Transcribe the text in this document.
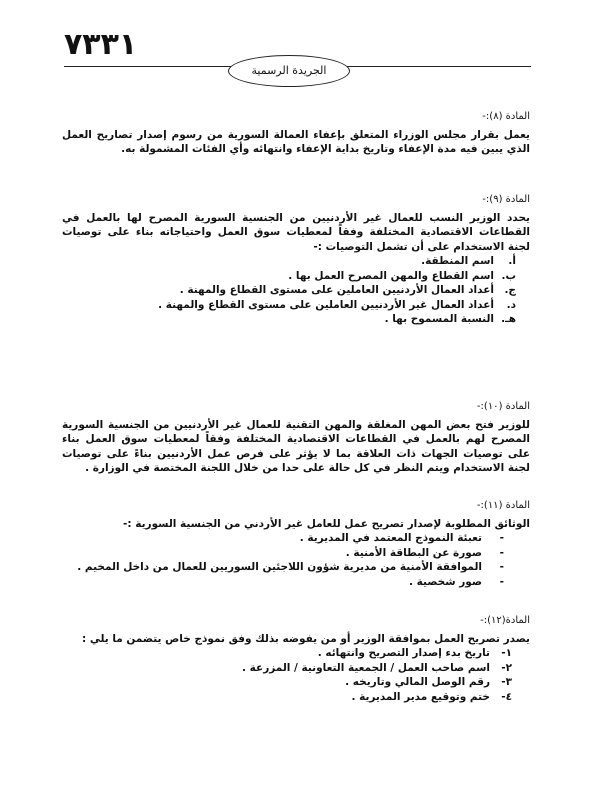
٧٣٣١
الجريدة الرسمية
المادة (٨):-
يعمل بقرار مجلس الوزراء المتعلق بإعفاء العمالة السورية من رسوم إصدار تصاريح العمل الذي يبين فيه مدة الإعفاء وتاريخ بداية الإعفاء وانتهائه وأي الفئات المشمولة به.
المادة (٩):-
يحدد الوزير النسب للعمال غير الأردنيين من الجنسية السورية المصرح لها بالعمل في القطاعات الاقتصادية المختلفة وفقاً لمعطيات سوق العمل واحتياجاته بناء على توصيات لجنة الاستخدام على أن تشمل التوصيات :-
أ.
اسم المنطقة.
ب.
اسم القطاع والمهن المصرح العمل بها .
ج.
أعداد العمال الأردنيين العاملين على مستوى القطاع والمهنة .
د.
أعداد العمال غير الأردنيين العاملين على مستوى القطاع والمهنة .
هـ.
النسبة المسموح بها .
المادة (١٠):-
للوزير فتح بعض المهن المغلقة والمهن التقنية للعمال غير الأردنيين من الجنسية السورية المصرح لهم بالعمل في القطاعات الاقتصادية المختلفة وفقاً لمعطيات سوق العمل بناء على توصيات الجهات ذات العلاقة بما لا يؤثر على فرص عمل الأردنيين بناءً على توصيات لجنة الاستخدام ويتم النظر في كل حالة على حدا من خلال اللجنة المختصة في الوزارة .
المادة (١١):-
الوثائق المطلوبة لإصدار تصريح عمل للعامل غير الأردني من الجنسية السورية :-
-
تعبئة النموذج المعتمد في المديرية .
-
صورة عن البطاقة الأمنية .
-
الموافقة الأمنية من مديرية شؤون اللاجئين السوريين للعمال من داخل المخيم .
-
صور شخصية .
المادة(١٢):-
يصدر تصريح العمل بموافقة الوزير أو من يفوضه بذلك وفق نموذج خاص يتضمن ما يلي :
١-
تاريخ بدء إصدار التصريح وانتهائه .
٢-
اسم صاحب العمل / الجمعية التعاونية / المزرعة .
٣-
رقم الوصل المالي وتاريخه .
٤-
ختم وتوقيع مدير المديرية .
